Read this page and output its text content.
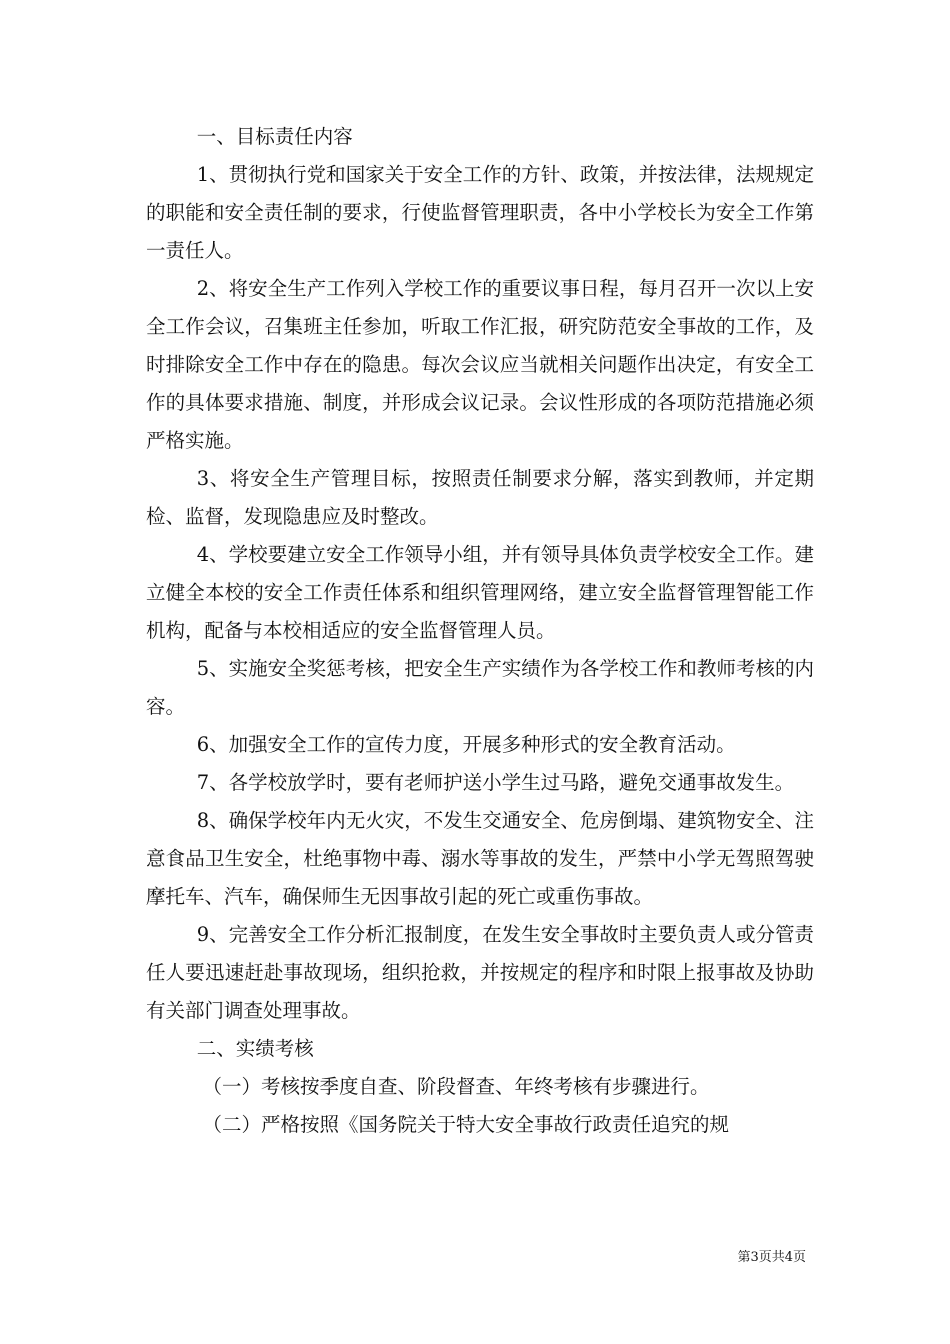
一、目标责任内容

1、贯彻执行党和国家关于安全工作的方针、政策，并按法律，法规规定的职能和安全责任制的要求，行使监督管理职责，各中小学校长为安全工作第一责任人。

2、将安全生产工作列入学校工作的重要议事日程，每月召开一次以上安全工作会议，召集班主任参加，听取工作汇报，研究防范安全事故的工作，及时排除安全工作中存在的隐患。每次会议应当就相关问题作出决定，有安全工作的具体要求措施、制度，并形成会议记录。会议性形成的各项防范措施必须严格实施。

3、将安全生产管理目标，按照责任制要求分解，落实到教师，并定期检、监督，发现隐患应及时整改。

4、学校要建立安全工作领导小组，并有领导具体负责学校安全工作。建立健全本校的安全工作责任体系和组织管理网络，建立安全监督管理智能工作机构，配备与本校相适应的安全监督管理人员。

5、实施安全奖惩考核，把安全生产实绩作为各学校工作和教师考核的内容。

6、加强安全工作的宣传力度，开展多种形式的安全教育活动。

7、各学校放学时，要有老师护送小学生过马路，避免交通事故发生。

8、确保学校年内无火灾，不发生交通安全、危房倒塌、建筑物安全、注意食品卫生安全，杜绝事物中毒、溺水等事故的发生，严禁中小学无驾照驾驶摩托车、汽车，确保师生无因事故引起的死亡或重伤事故。

9、完善安全工作分析汇报制度，在发生安全事故时主要负责人或分管责任人要迅速赶赴事故现场，组织抢救，并按规定的程序和时限上报事故及协助有关部门调查处理事故。

二、实绩考核

（一）考核按季度自查、阶段督查、年终考核有步骤进行。

（二）严格按照《国务院关于特大安全事故行政责任追究的规

第3页共4页
